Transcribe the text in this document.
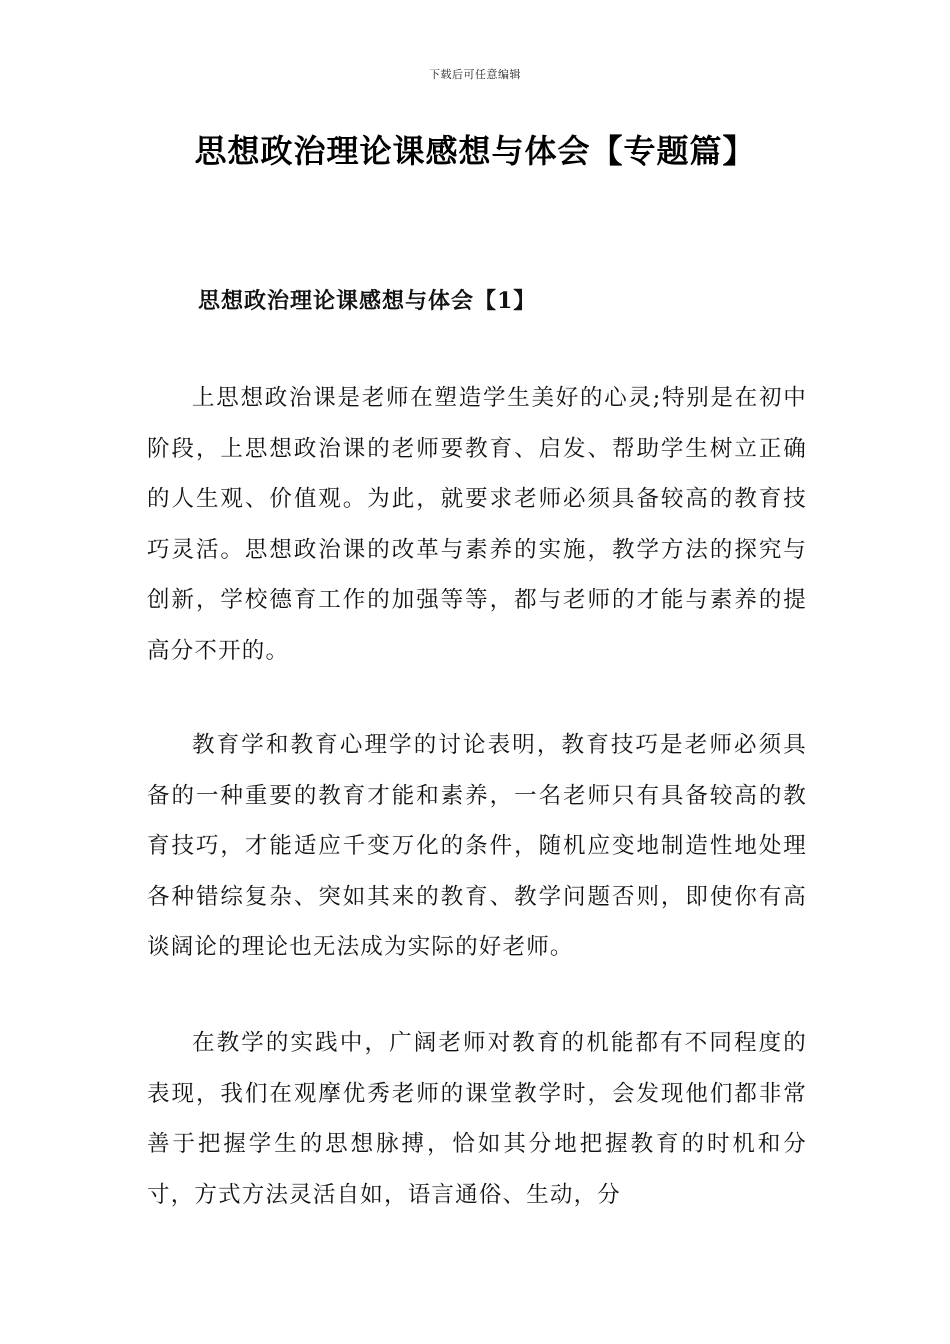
下载后可任意编辑
思想政治理论课感想与体会【专题篇】
思想政治理论课感想与体会【1】

上思想政治课是老师在塑造学生美好的心灵;特别是在初中阶段，上思想政治课的老师要教育、启发、帮助学生树立正确的人生观、价值观。为此，就要求老师必须具备较高的教育技巧灵活。思想政治课的改革与素养的实施，教学方法的探究与创新，学校德育工作的加强等等，都与老师的才能与素养的提高分不开的。

教育学和教育心理学的讨论表明，教育技巧是老师必须具备的一种重要的教育才能和素养，一名老师只有具备较高的教育技巧，才能适应千变万化的条件，随机应变地制造性地处理各种错综复杂、突如其来的教育、教学问题否则，即使你有高谈阔论的理论也无法成为实际的好老师。

在教学的实践中，广阔老师对教育的机能都有不同程度的表现，我们在观摩优秀老师的课堂教学时，会发现他们都非常善于把握学生的思想脉搏，恰如其分地把握教育的时机和分寸，方式方法灵活自如，语言通俗、生动，分
